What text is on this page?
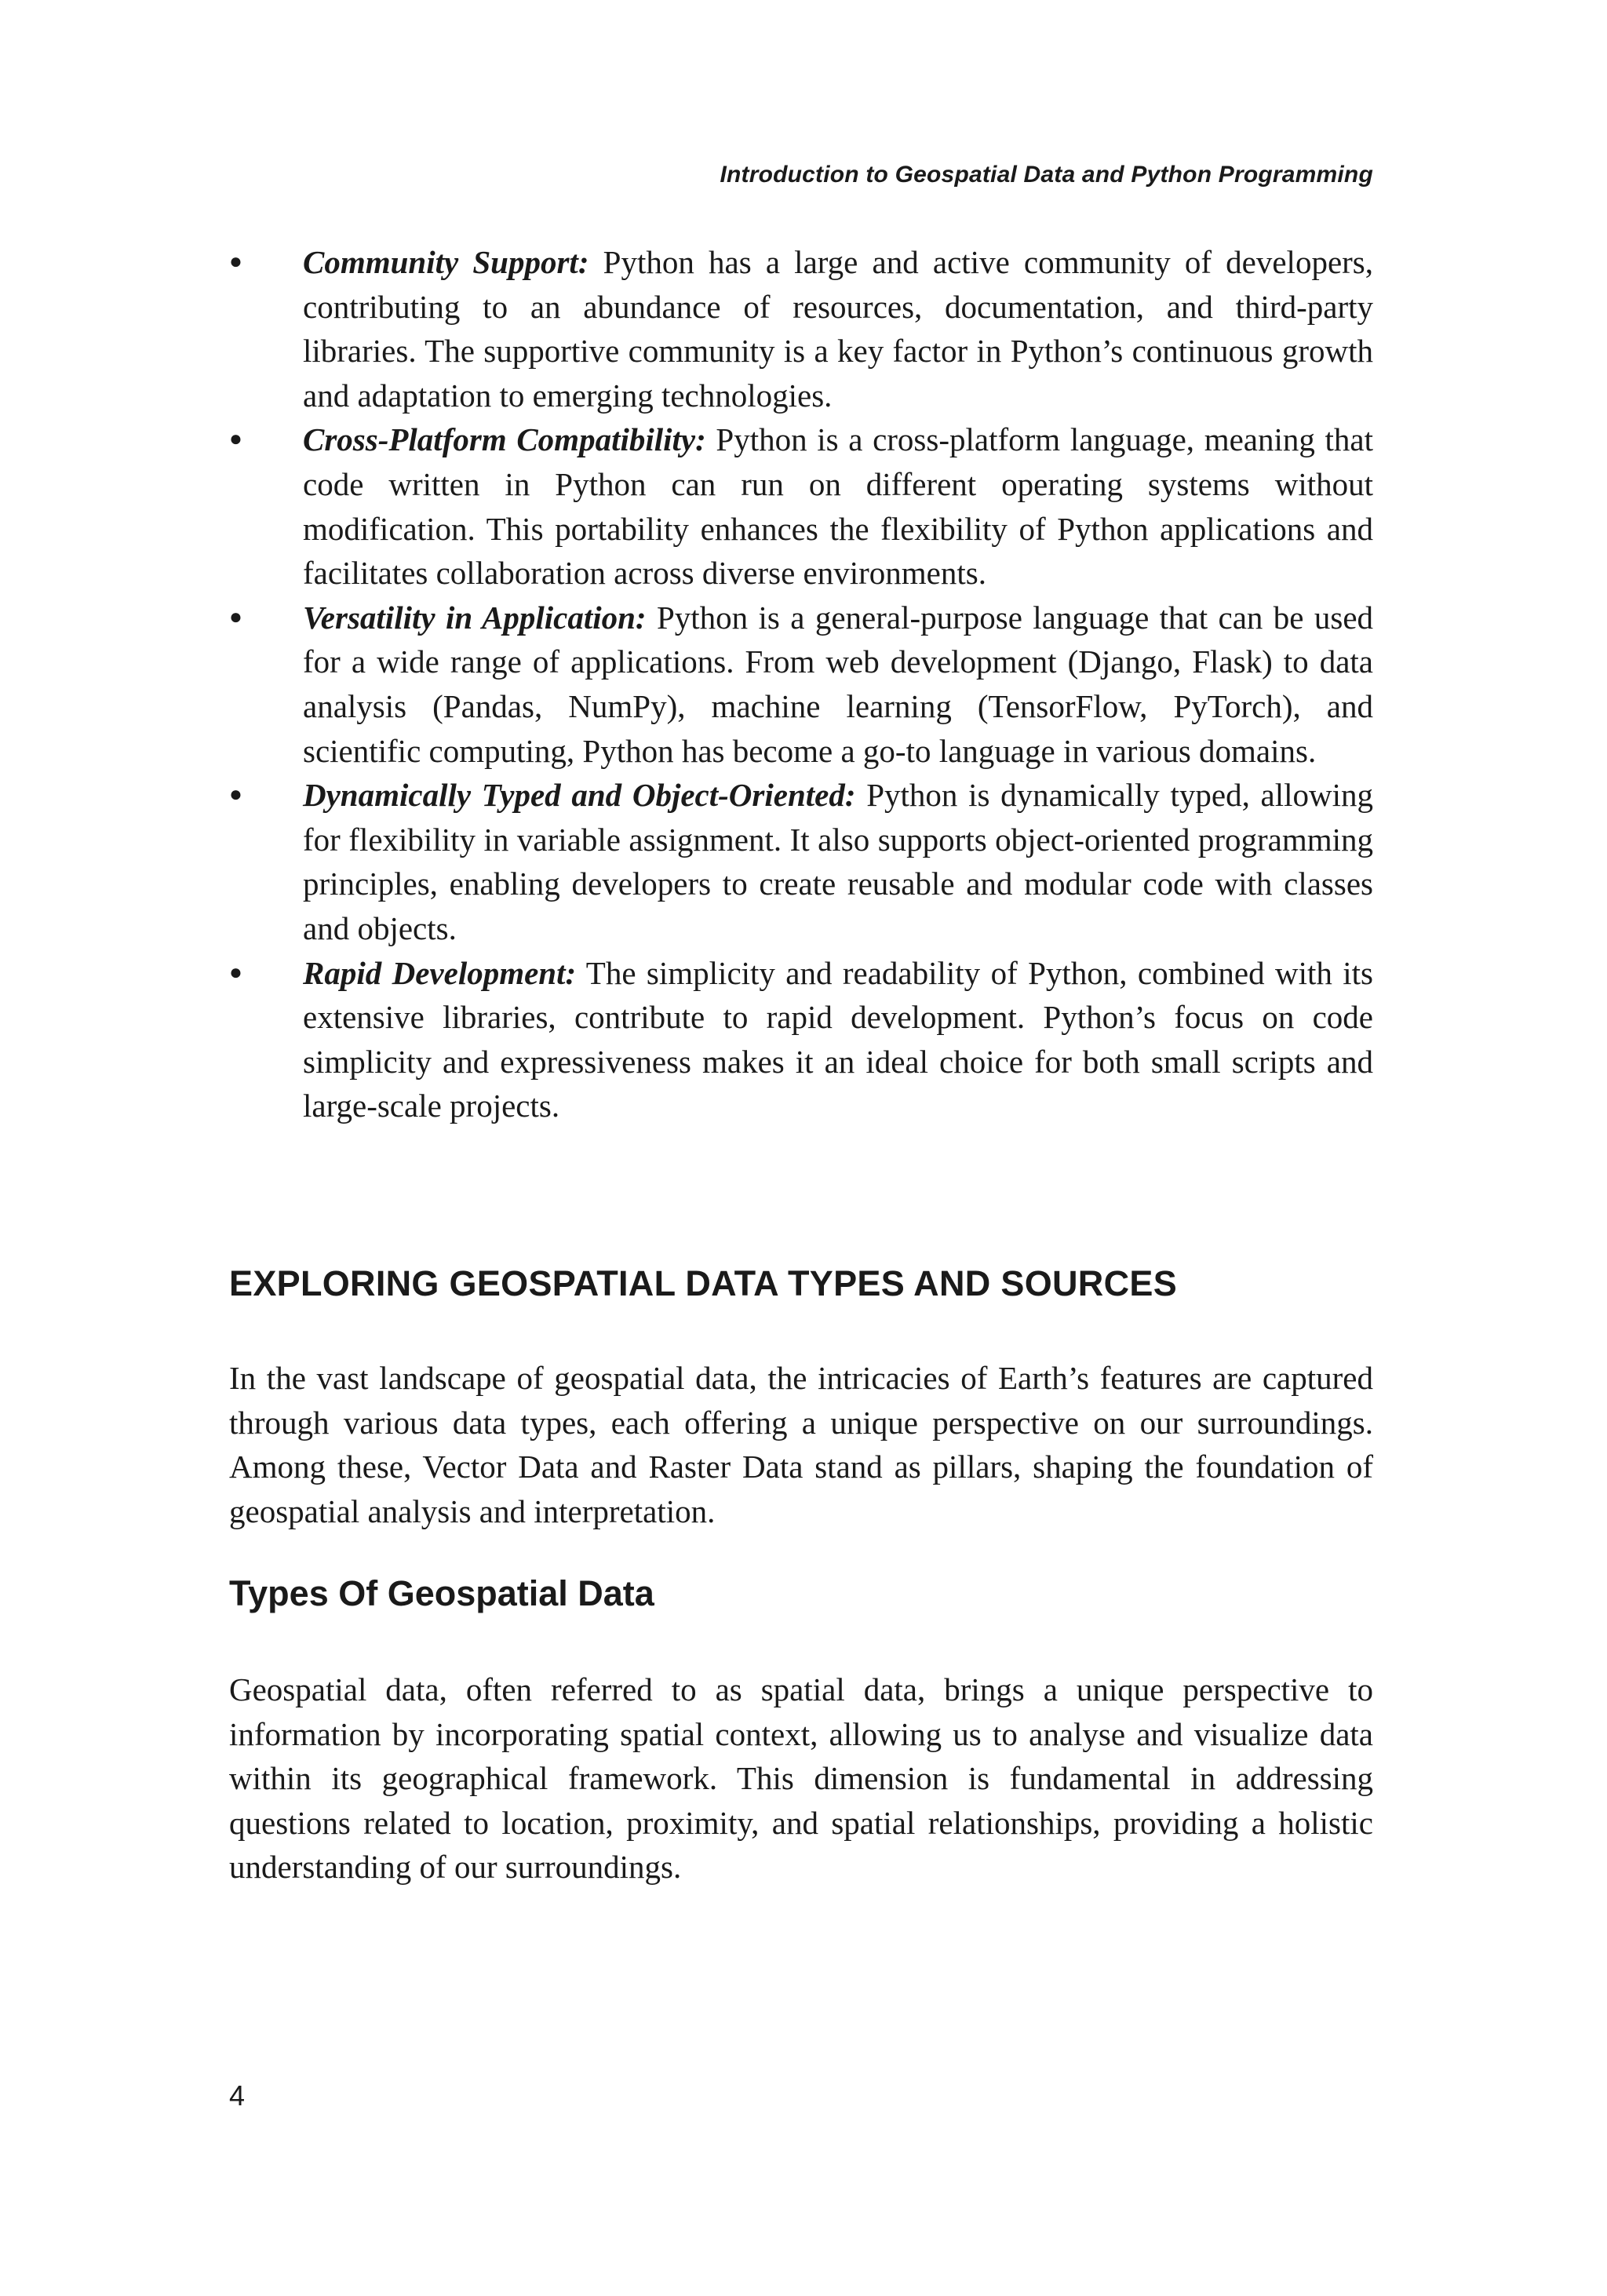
Introduction to Geospatial Data and Python Programming

●	Community Support: Python has a large and active community of developers, contributing to an abundance of resources, documentation, and third-party libraries. The supportive community is a key factor in Python’s continuous growth and adaptation to emerging technologies.
●	Cross-Platform Compatibility: Python is a cross-platform language, meaning that code written in Python can run on different operating systems without modification. This portability enhances the flexibility of Python applications and facilitates collaboration across diverse environments.
●	Versatility in Application: Python is a general-purpose language that can be used for a wide range of applications. From web development (Django, Flask) to data analysis (Pandas, NumPy), machine learning (TensorFlow, PyTorch), and scientific computing, Python has become a go-to language in various domains.
●	Dynamically Typed and Object-Oriented: Python is dynamically typed, allowing for flexibility in variable assignment. It also supports object-oriented programming principles, enabling developers to create reusable and modular code with classes and objects.
●	Rapid Development: The simplicity and readability of Python, combined with its extensive libraries, contribute to rapid development. Python’s focus on code simplicity and expressiveness makes it an ideal choice for both small scripts and large-scale projects.
EXPLORING GEOSPATIAL DATA TYPES AND SOURCES

In the vast landscape of geospatial data, the intricacies of Earth’s features are captured through various data types, each offering a unique perspective on our surroundings. Among these, Vector Data and Raster Data stand as pillars, shaping the foundation of geospatial analysis and interpretation.

Types Of Geospatial Data

Geospatial data, often referred to as spatial data, brings a unique perspective to information by incorporating spatial context, allowing us to analyse and visualize data within its geographical framework. This dimension is fundamental in addressing questions related to location, proximity, and spatial relationships, providing a holistic understanding of our surroundings.

4
